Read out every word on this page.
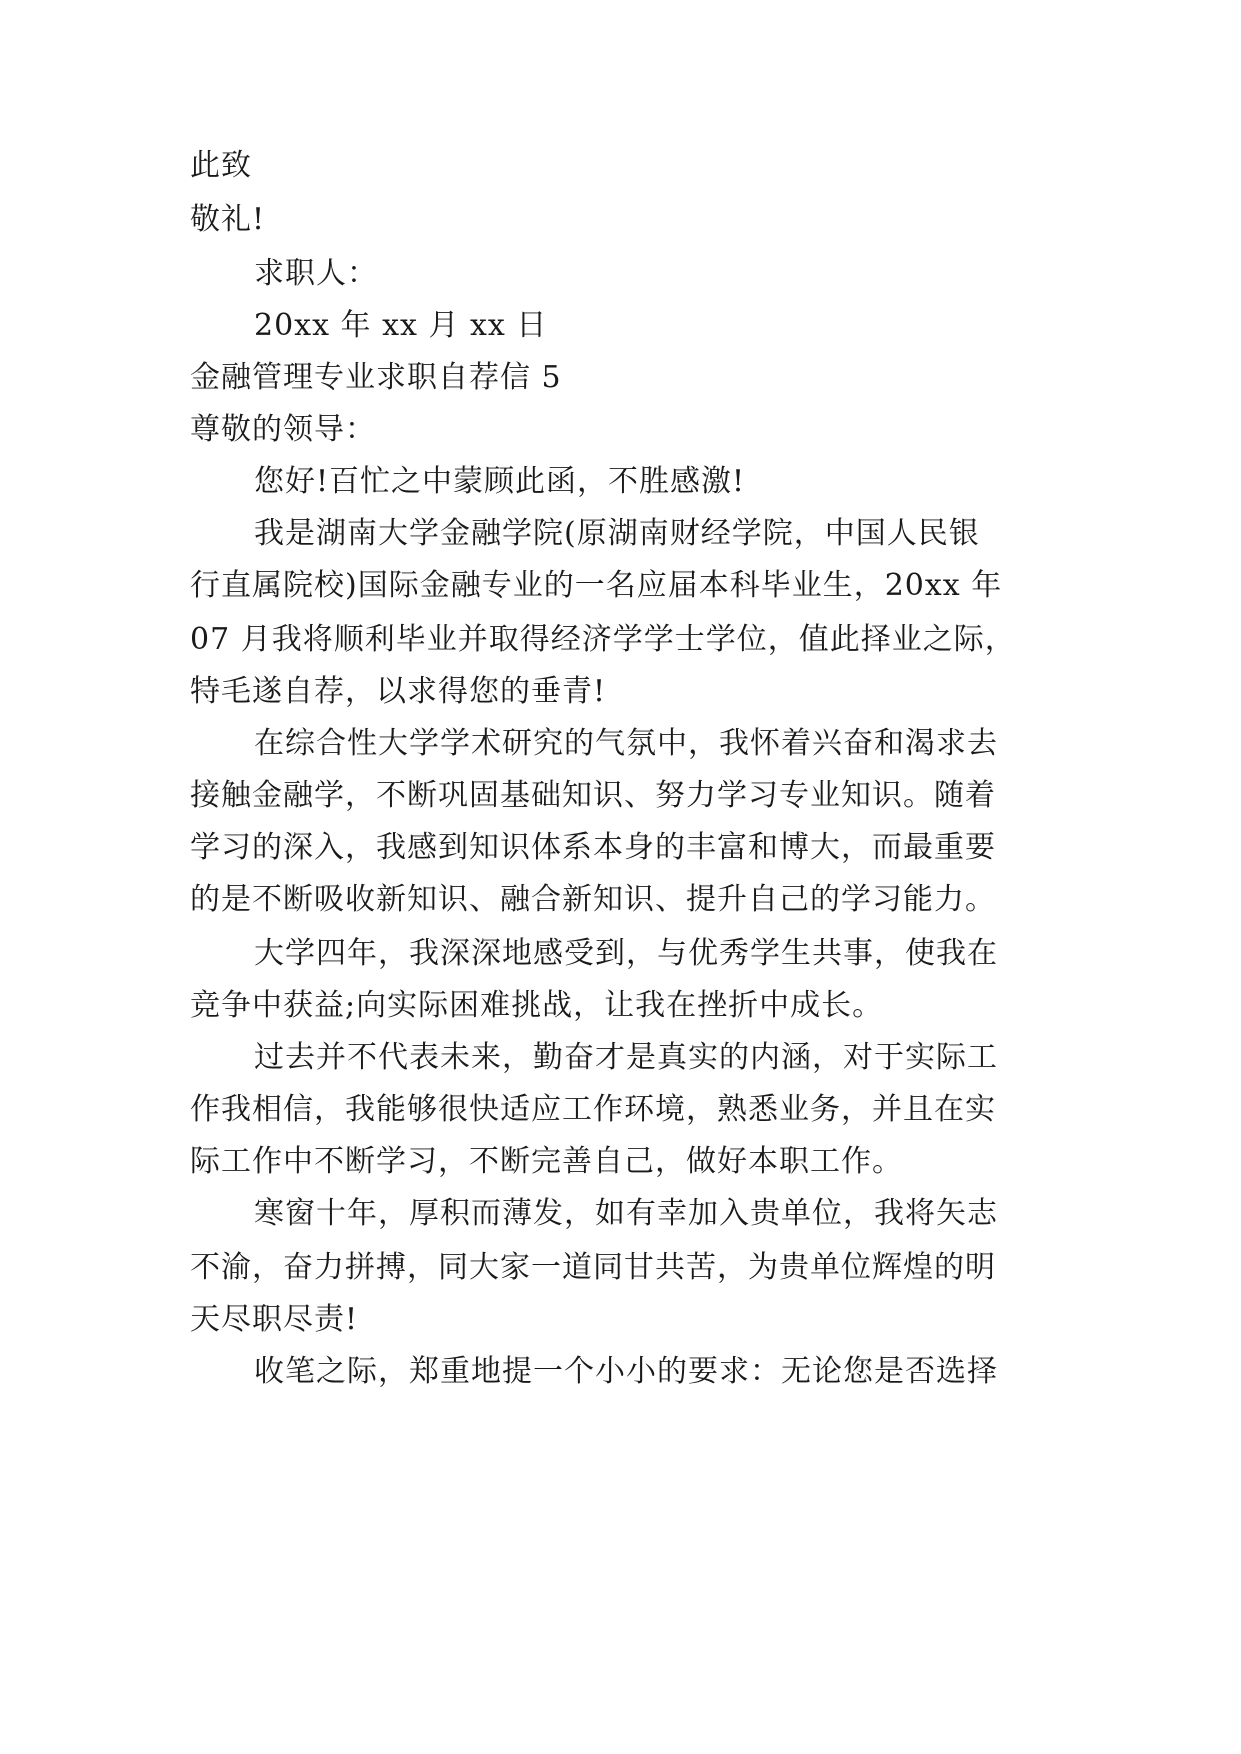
此致
敬礼!
求职人：
20xx 年 xx 月 xx 日
金融管理专业求职自荐信 5
尊敬的领导：
您好!百忙之中蒙顾此函，不胜感激!
我是湖南大学金融学院(原湖南财经学院，中国人民银
行直属院校)国际金融专业的一名应届本科毕业生，20xx 年
07 月我将顺利毕业并取得经济学学士学位，值此择业之际，
特毛遂自荐，以求得您的垂青!
在综合性大学学术研究的气氛中，我怀着兴奋和渴求去
接触金融学，不断巩固基础知识、努力学习专业知识。随着
学习的深入，我感到知识体系本身的丰富和博大，而最重要
的是不断吸收新知识、融合新知识、提升自己的学习能力。
大学四年，我深深地感受到，与优秀学生共事，使我在
竞争中获益;向实际困难挑战，让我在挫折中成长。
过去并不代表未来，勤奋才是真实的内涵，对于实际工
作我相信，我能够很快适应工作环境，熟悉业务，并且在实
际工作中不断学习，不断完善自己，做好本职工作。
寒窗十年，厚积而薄发，如有幸加入贵单位，我将矢志
不渝，奋力拼搏，同大家一道同甘共苦，为贵单位辉煌的明
天尽职尽责!
收笔之际，郑重地提一个小小的要求：无论您是否选择
